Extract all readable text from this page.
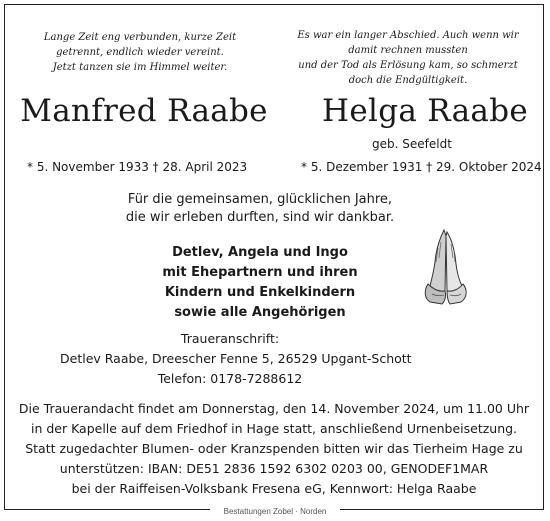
Bestattungen Zobel · Norden
Lange Zeit eng verbunden, kurze Zeit
getrennt, endlich wieder vereint.
Jetzt tanzen sie im Himmel weiter.
Es war ein langer Abschied. Auch wenn wir
damit rechnen mussten
und der Tod als Erlösung kam, so schmerzt
doch die Endgültigkeit.
Manfred Raabe	Helga Raabe
geb. Seefeldt
* 5. November 1933 † 28. April 2023	* 5. Dezember 1931 † 29. Oktober 2024
Für die gemeinsamen, glücklichen Jahre,
die wir erleben durften, sind wir dankbar.
Detlev, Angela und Ingo
mit Ehepartnern und ihren
Kindern und Enkelkindern
sowie alle Angehörigen
Traueranschrift:
Detlev Raabe, Dreescher Fenne 5, 26529 Upgant-Schott
Telefon: 0178-7288612
Die Trauerandacht findet am Donnerstag, den 14. November 2024, um 11.00 Uhr
in der Kapelle auf dem Friedhof in Hage statt, anschließend Urnenbeisetzung.
Statt zugedachter Blumen- oder Kranzspenden bitten wir das Tierheim Hage zu
unterstützen: IBAN: DE51 2836 1592 6302 0203 00, GENODEF1MAR
bei der Raiffeisen-Volksbank Fresena eG, Kennwort: Helga Raabe
